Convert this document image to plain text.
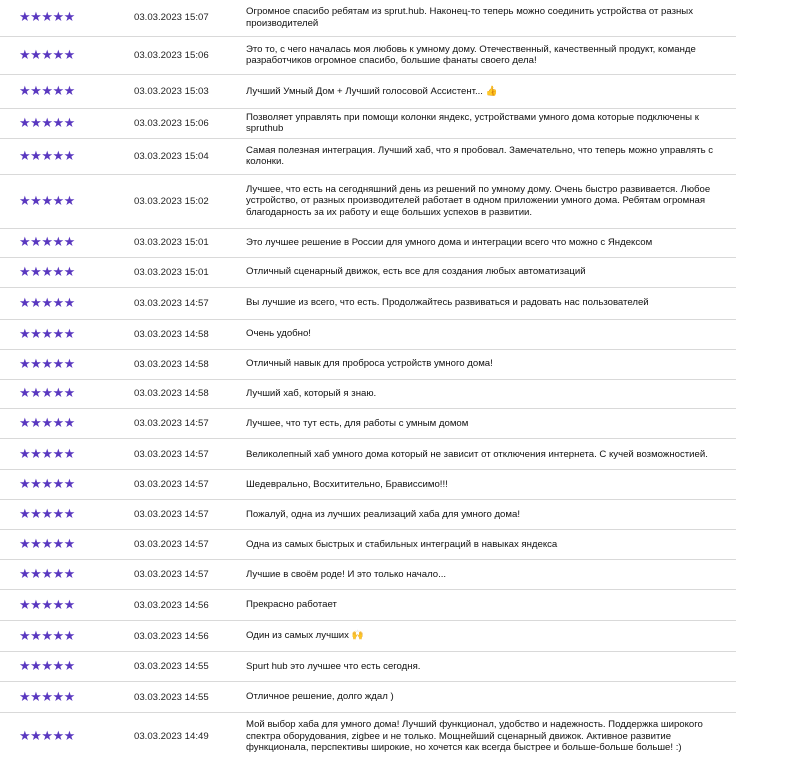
★ ★ ★ ★ ★	03.03.2023 15:07
Огромное спасибо ребятам из sprut.hub. Наконец-то теперь можно соединить устройства от разных производителей
★ ★ ★ ★ ★	03.03.2023 15:06
Это то, с чего началась моя любовь к умному дому. Отечественный, качественный продукт, команде разработчиков огромное спасибо, большие фанаты своего дела!
★ ★ ★ ★ ★	03.03.2023 15:03	Лучший Умный Дом + Лучший голосовой Ассистент... 👍
★ ★ ★ ★ ★	03.03.2023 15:06
Позволяет управлять при помощи колонки яндекс, устройствами умного дома которые подключены к spruthub
★ ★ ★ ★ ★	03.03.2023 15:04
Самая полезная интеграция. Лучший хаб, что я пробовал. Замечательно, что теперь можно управлять с колонки.
★ ★ ★ ★ ★	03.03.2023 15:02
Лучшее, что есть на сегодняшний день из решений по умному дому. Очень быстро развивается. Любое устройство, от разных производителей работает в одном приложении умного дома. Ребятам огромная благодарность за их работу и еще больших успехов в развитии.
★ ★ ★ ★ ★	03.03.2023 15:01	Это лучшее решение в России для умного дома и интеграции всего что можно с Яндексом
★ ★ ★ ★ ★	03.03.2023 15:01	Отличный сценарный движок, есть все для создания любых автоматизаций
★ ★ ★ ★ ★	03.03.2023 14:57	Вы лучшие из всего, что есть. Продолжайтесь развиваться и радовать нас пользователей
★ ★ ★ ★ ★	03.03.2023 14:58	Очень удобно!
★ ★ ★ ★ ★	03.03.2023 14:58	Отличный навык для проброса устройств умного дома!
★ ★ ★ ★ ★	03.03.2023 14:58	Лучший хаб, который я знаю.
★ ★ ★ ★ ★	03.03.2023 14:57	Лучшее, что тут есть, для работы с умным домом
★ ★ ★ ★ ★	03.03.2023 14:57	Великолепный хаб умного дома который не зависит от отключения интернета. С кучей возможностией.
★ ★ ★ ★ ★	03.03.2023 14:57	Шедеврально, Восхитительно, Брависсимо!!!
★ ★ ★ ★ ★	03.03.2023 14:57	Пожалуй, одна из лучших реализаций хаба для умного дома!
★ ★ ★ ★ ★	03.03.2023 14:57	Одна из самых быстрых и стабильных интеграций в навыках яндекса
★ ★ ★ ★ ★	03.03.2023 14:57	Лучшие в своём роде! И это только начало...
★ ★ ★ ★ ★	03.03.2023 14:56	Прекрасно работает
★ ★ ★ ★ ★	03.03.2023 14:56	Один из самых лучших 🙌
★ ★ ★ ★ ★	03.03.2023 14:55	Spurt hub это лучшее что есть сегодня.
★ ★ ★ ★ ★	03.03.2023 14:55	Отличное решение, долго ждал )
★ ★ ★ ★ ★	03.03.2023 14:49
Мой выбор хаба для умного дома! Лучший функционал, удобство и надежность. Поддержка широкого спектра оборудования, zigbee и не только. Мощнейший сценарный движок. Активное развитие функционала, перспективы широкие, но хочется как всегда быстрее и больше-больше больше! :)
